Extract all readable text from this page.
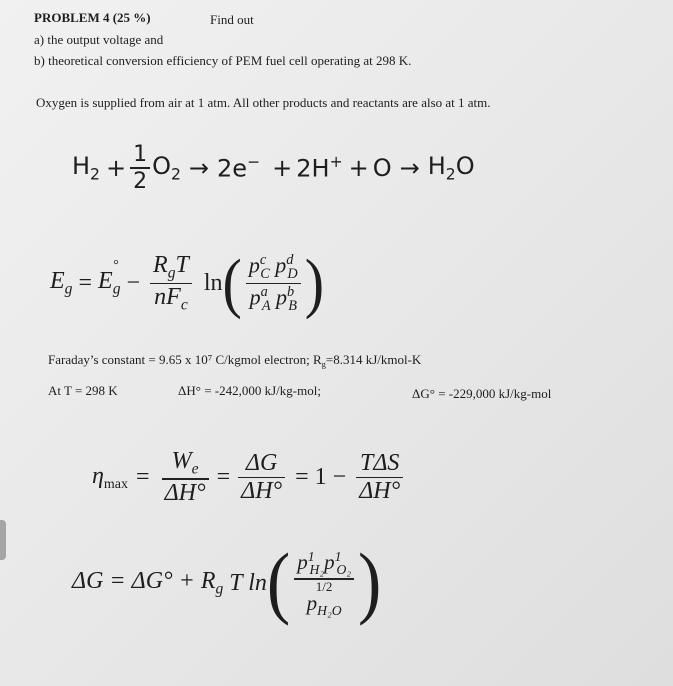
PROBLEM 4 (25 %)	Find out
a) the output voltage and
b) theoretical conversion efficiency of PEM fuel cell operating at 298 K.
Oxygen is supplied from air at 1 atm. All other products and reactants are also at 1 atm.
$H_2 + \frac{1}{2} O_2 \to 2e^- + 2H^+ + O \to H_2O$
$E_g = E$
°
$_g - \frac{R_gT}{nF_c}$ ln ( $\frac{p^c_C p^d_D}{p^a_A p^b_B}$ )
Faraday’s constant = 9.65 x 10⁷ C/kgmol electron; $R_g=8.314$ kJ/kmol-K
At T = 298 K	ΔH° = -242,000 kJ/kg-mol;	ΔG° = -229,000 kJ/kg-mol
$\eta_{max} = \frac{W_e}{\Delta H^\circ} = \frac{\Delta G}{\Delta H^\circ} = 1 - \frac{\text{TΔS}}{\Delta H^\circ}$
$\Delta G = \Delta G^\circ + R_g$ T ln ( $p^1_{H_2}p^1_{O_2}$
1/2
$p_{H_2O}$ )
